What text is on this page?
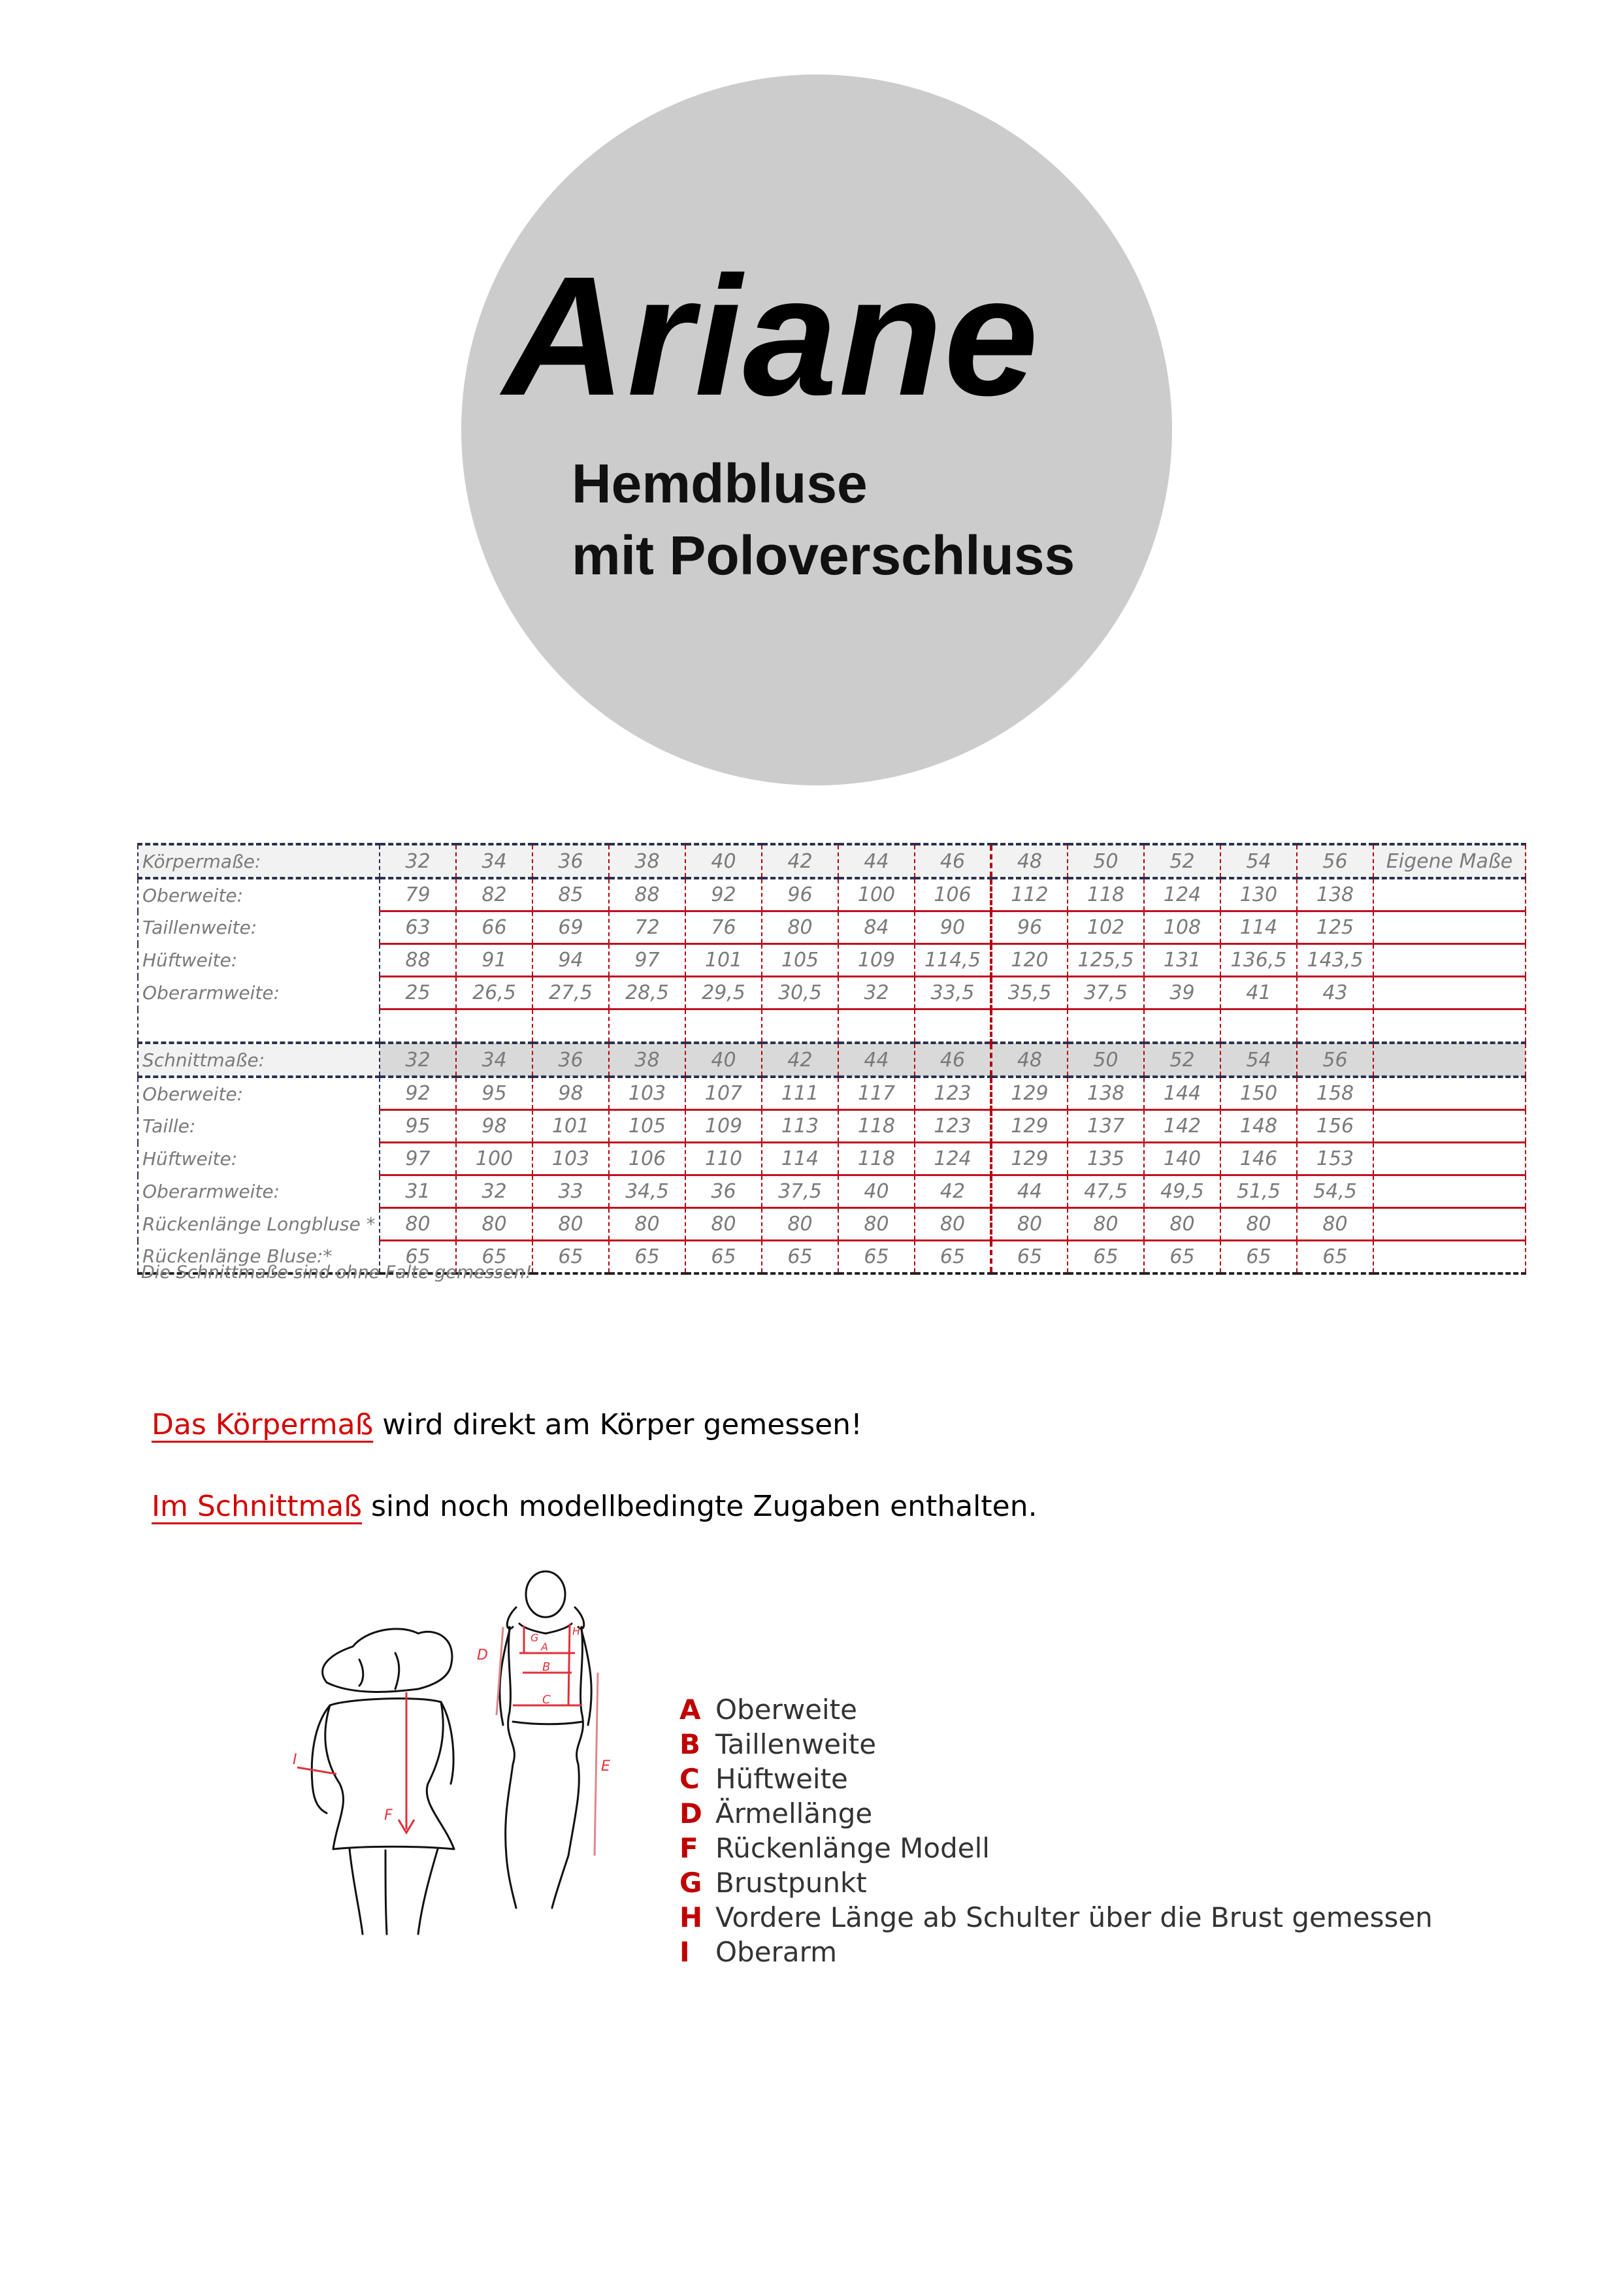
Ariane
Hemdbluse
mit Poloverschluss
Körpermaße:	32	34	36	38	40	42	44	46	48	50	52	54	56	Eigene Maße
Oberweite:	79	82	85	88	92	96	100	106	112	118	124	130	138	
Taillenweite:	63	66	69	72	76	80	84	90	96	102	108	114	125	
Hüftweite:	88	91	94	97	101	105	109	114,5	120	125,5	131	136,5	143,5	
Oberarmweite:	25	26,5	27,5	28,5	29,5	30,5	32	33,5	35,5	37,5	39	41	43	

Schnittmaße:	32	34	36	38	40	42	44	46	48	50	52	54	56	
Oberweite:	92	95	98	103	107	111	117	123	129	138	144	150	158	
Taille:	95	98	101	105	109	113	118	123	129	137	142	148	156	
Hüftweite:	97	100	103	106	110	114	118	124	129	135	140	146	153	
Oberarmweite:	31	32	33	34,5	36	37,5	40	42	44	47,5	49,5	51,5	54,5	
Rückenlänge Longbluse *	80	80	80	80	80	80	80	80	80	80	80	80	80	
Rückenlänge Bluse:*	65	65	65	65	65	65	65	65	65	65	65	65	65	
Die Schnittmaße sind ohne Falte gemessen!
Das Körpermaß wird direkt am Körper gemessen!
Im Schnittmaß sind noch modellbedingte Zugaben enthalten.
F
I
D
E
G
A
B
C
H
A Oberweite
B Taillenweite
C Hüftweite
D Ärmellänge
F Rückenlänge Modell
G Brustpunkt
H Vordere Länge ab Schulter über die Brust gemessen
I Oberarm
